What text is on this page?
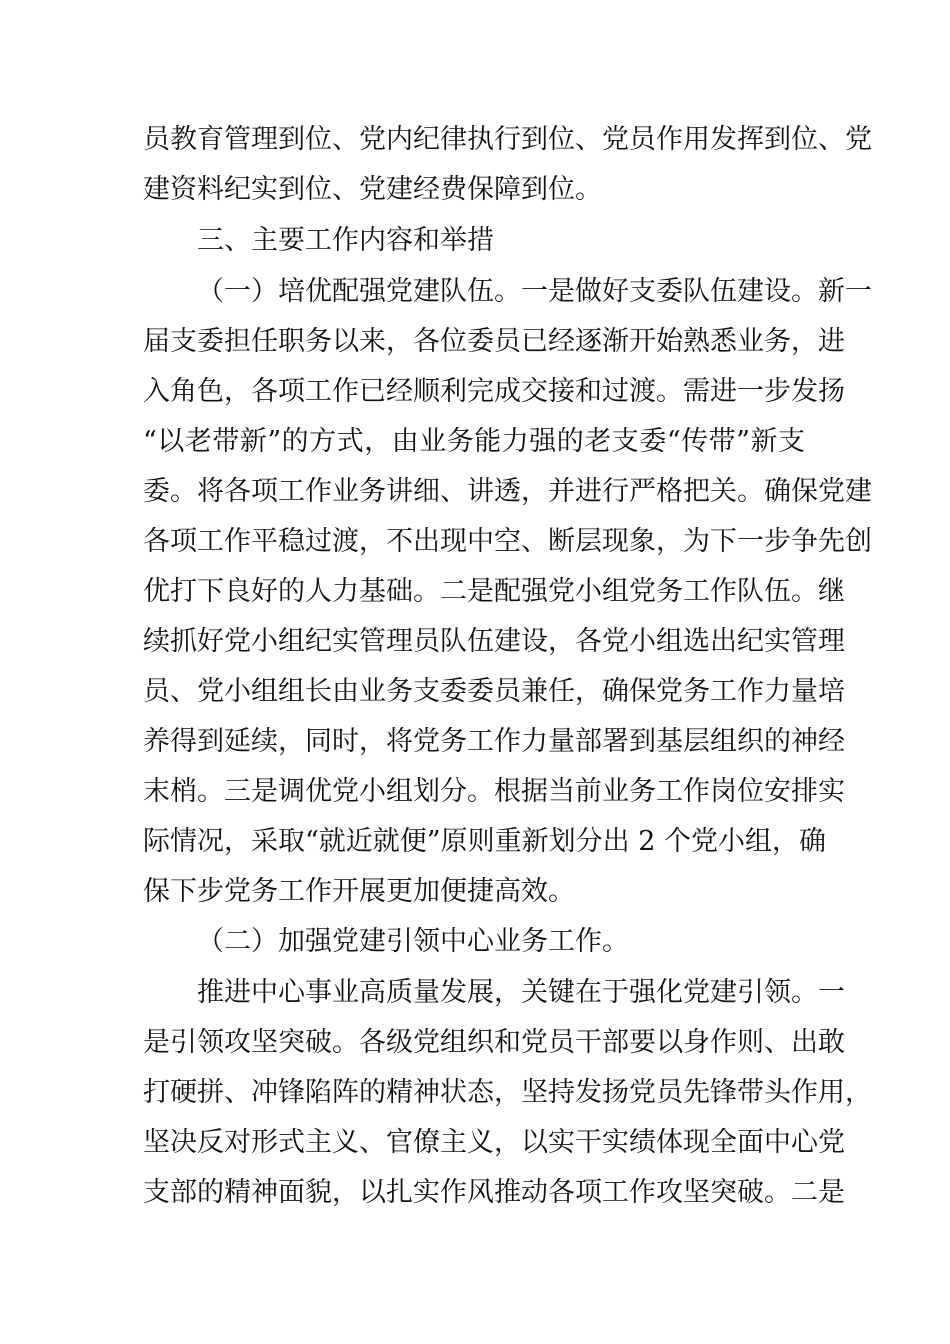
员教育管理到位、党内纪律执行到位、党员作用发挥到位、党
建资料纪实到位、党建经费保障到位。
三、主要工作内容和举措
（一）培优配强党建队伍。一是做好支委队伍建设。新一
届支委担任职务以来，各位委员已经逐渐开始熟悉业务，进
入角色，各项工作已经顺利完成交接和过渡。需进一步发扬
“以老带新”的方式，由业务能力强的老支委“传带”新支
委。将各项工作业务讲细、讲透，并进行严格把关。确保党建
各项工作平稳过渡，不出现中空、断层现象，为下一步争先创
优打下良好的人力基础。二是配强党小组党务工作队伍。继
续抓好党小组纪实管理员队伍建设，各党小组选出纪实管理
员、党小组组长由业务支委委员兼任，确保党务工作力量培
养得到延续，同时，将党务工作力量部署到基层组织的神经
末梢。三是调优党小组划分。根据当前业务工作岗位安排实
际情况，采取“就近就便”原则重新划分出 2 个党小组，确
保下步党务工作开展更加便捷高效。
（二）加强党建引领中心业务工作。
推进中心事业高质量发展，关键在于强化党建引领。一
是引领攻坚突破。各级党组织和党员干部要以身作则、出敢
打硬拼、冲锋陷阵的精神状态，坚持发扬党员先锋带头作用，
坚决反对形式主义、官僚主义，以实干实绩体现全面中心党
支部的精神面貌，以扎实作风推动各项工作攻坚突破。二是
